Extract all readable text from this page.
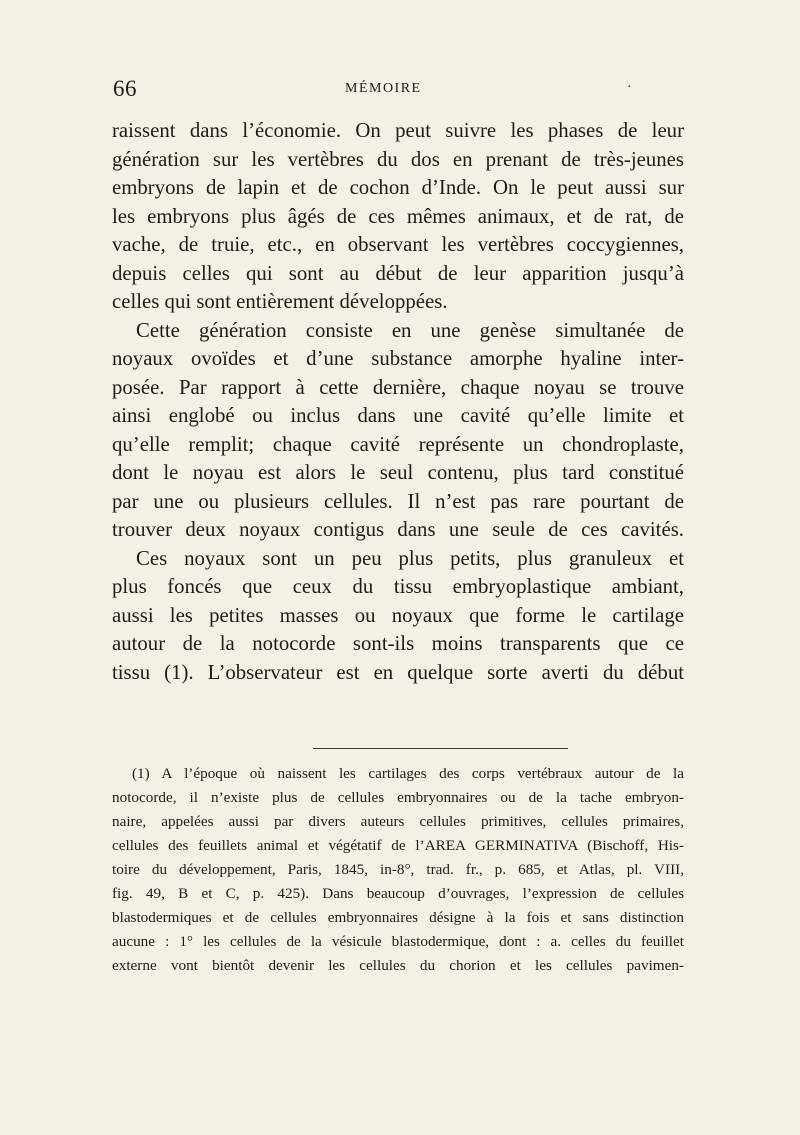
66	MÉMOIRE	·
raissent dans l’économie. On peut suivre les phases de leur
génération sur les vertèbres du dos en prenant de très-jeunes
embryons de lapin et de cochon d’Inde. On le peut aussi sur
les embryons plus âgés de ces mêmes animaux, et de rat, de
vache, de truie, etc., en observant les vertèbres coccygiennes,
depuis celles qui sont au début de leur apparition jusqu’à
celles qui sont entièrement développées.
Cette génération consiste en une genèse simultanée de
noyaux ovoïdes et d’une substance amorphe hyaline inter-
posée. Par rapport à cette dernière, chaque noyau se trouve
ainsi englobé ou inclus dans une cavité qu’elle limite et
qu’elle remplit; chaque cavité représente un chondroplaste,
dont le noyau est alors le seul contenu, plus tard constitué
par une ou plusieurs cellules. Il n’est pas rare pourtant de
trouver deux noyaux contigus dans une seule de ces cavités.
Ces noyaux sont un peu plus petits, plus granuleux et
plus foncés que ceux du tissu embryoplastique ambiant,
aussi les petites masses ou noyaux que forme le cartilage
autour de la notocorde sont-ils moins transparents que ce
tissu (1). L’observateur est en quelque sorte averti du début
(1) A l’époque où naissent les cartilages des corps vertébraux autour de la
notocorde, il n’existe plus de cellules embryonnaires ou de la tache embryon-
naire, appelées aussi par divers auteurs cellules primitives, cellules primaires,
cellules des feuillets animal et végétatif de l’AREA GERMINATIVA (Bischoff, His-
toire du développement, Paris, 1845, in-8°, trad. fr., p. 685, et Atlas, pl. VIII,
fig. 49, B et C, p. 425). Dans beaucoup d’ouvrages, l’expression de cellules
blastodermiques et de cellules embryonnaires désigne à la fois et sans distinction
aucune : 1° les cellules de la vésicule blastodermique, dont : a. celles du feuillet
externe vont bientôt devenir les cellules du chorion et les cellules pavimen-
